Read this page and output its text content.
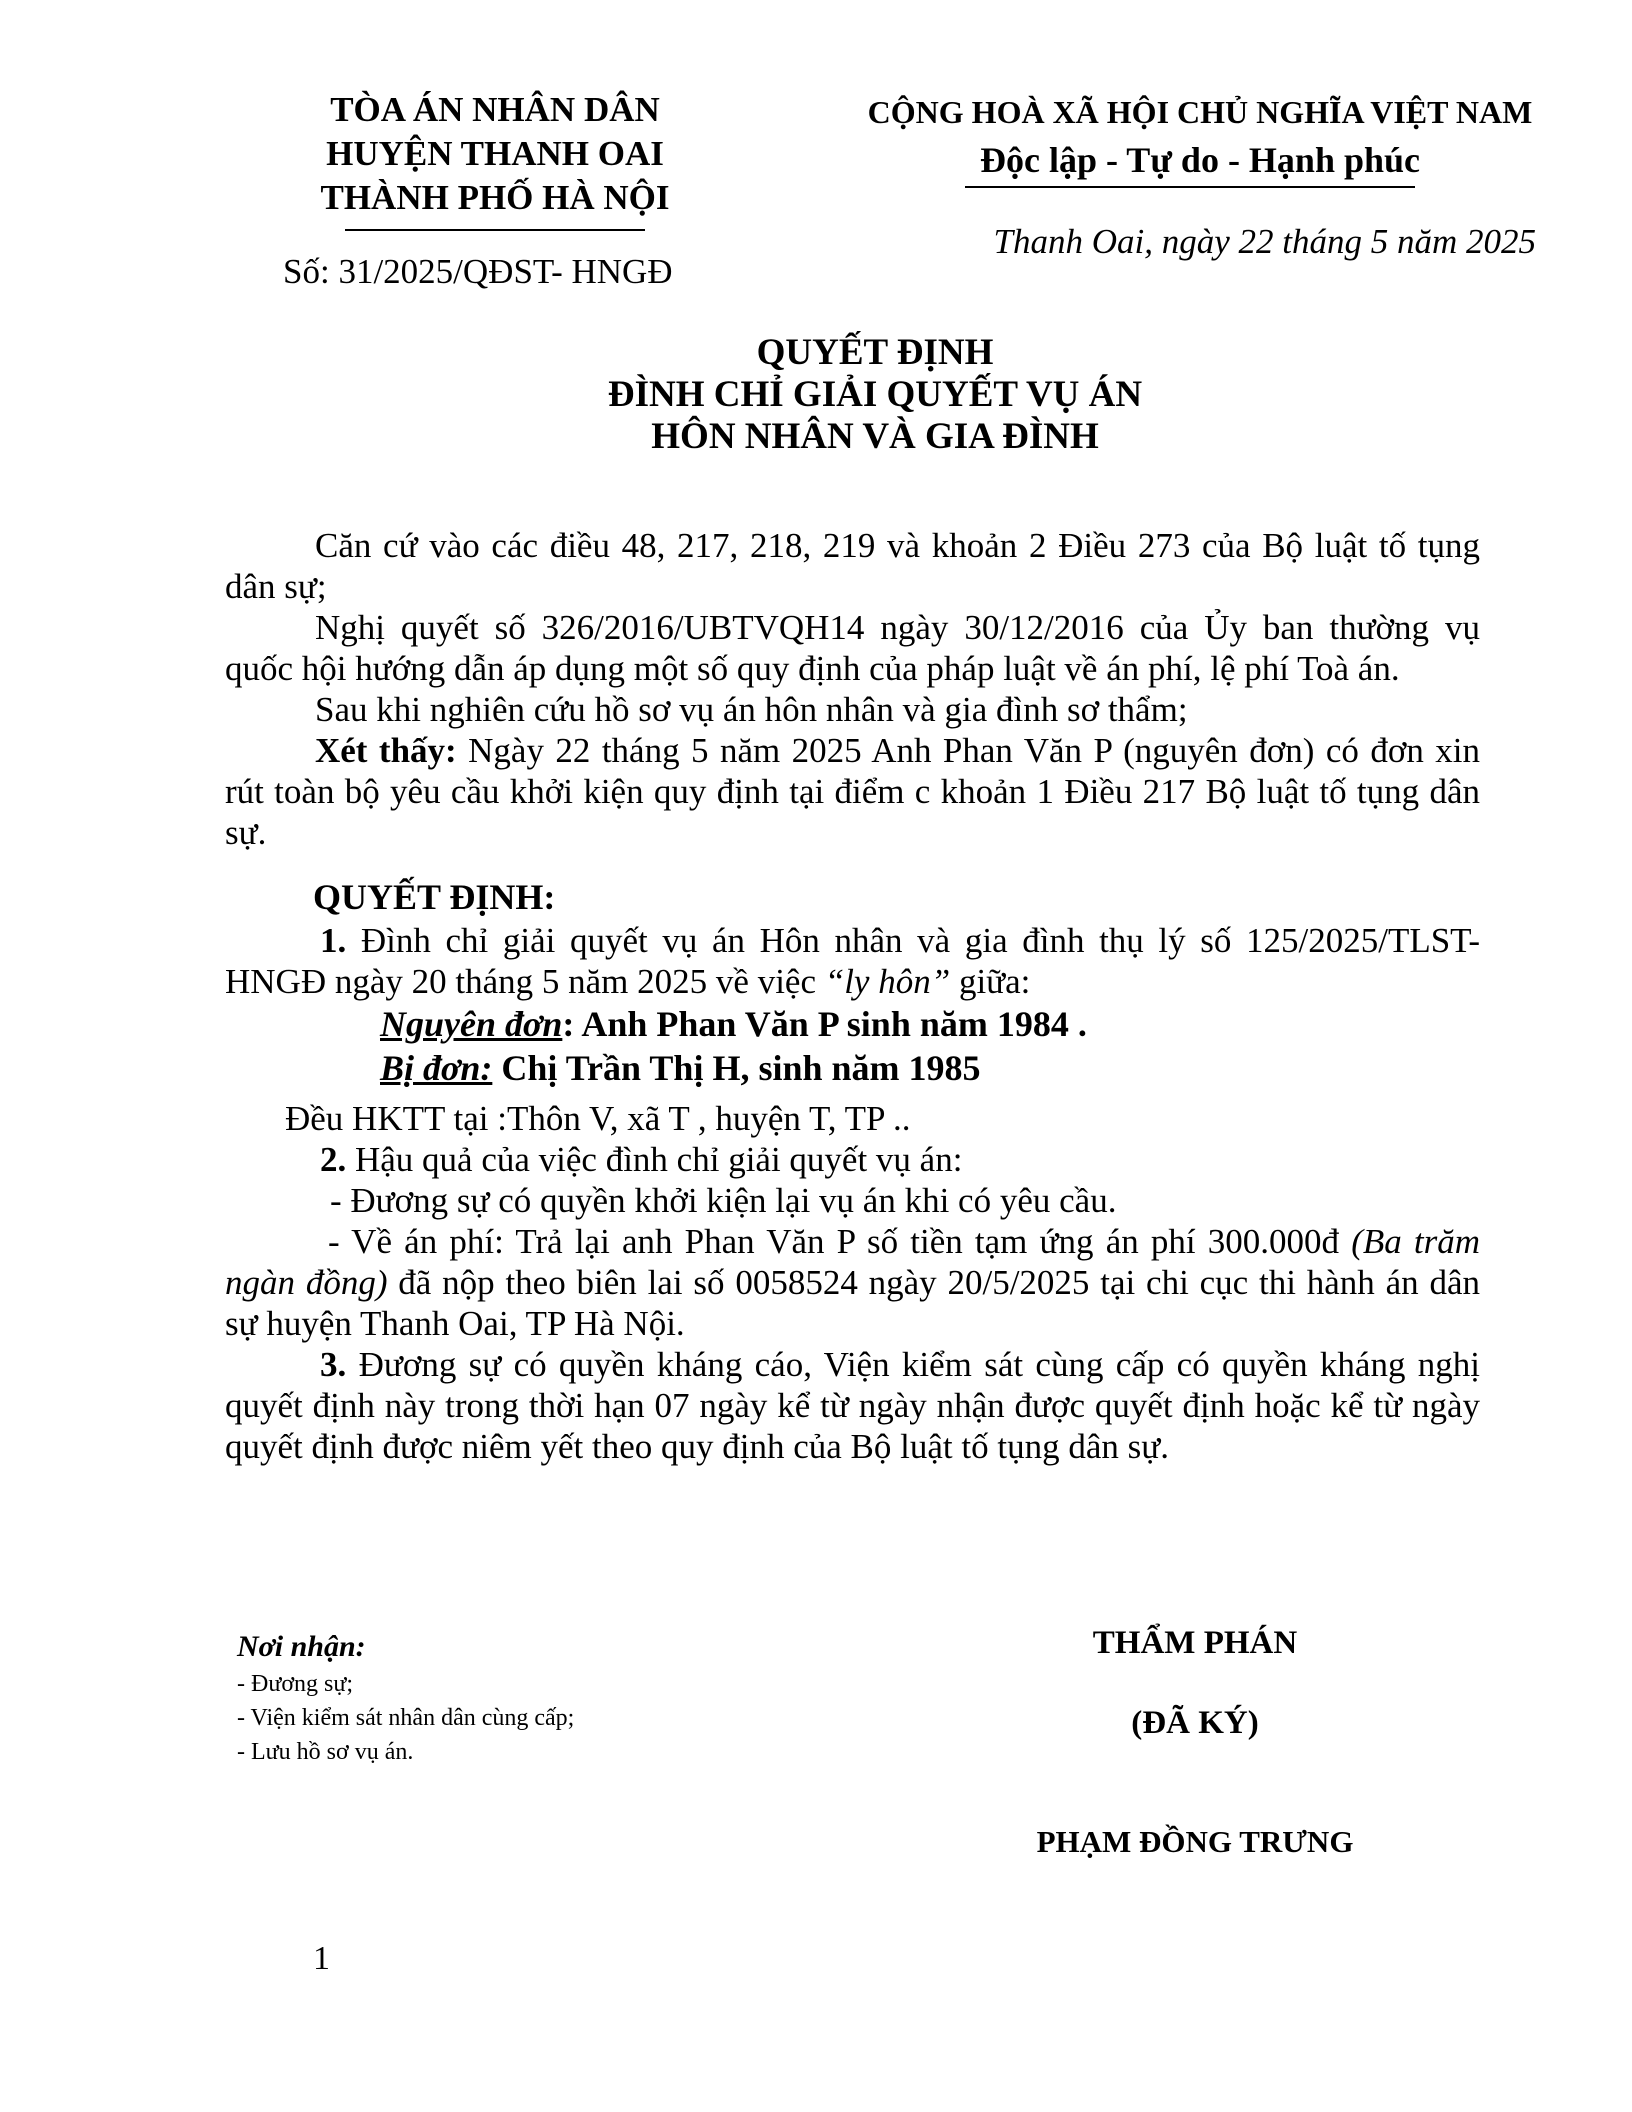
TÒA ÁN NHÂN DÂN
HUYỆN THANH OAI
THÀNH PHỐ HÀ NỘI
Số: 31/2025/QĐST- HNGĐ
CỘNG HOÀ XÃ HỘI CHỦ NGHĨA VIỆT NAM
Độc lập - Tự do - Hạnh phúc
Thanh Oai, ngày 22 tháng 5 năm 2025
QUYẾT ĐỊNH
ĐÌNH CHỈ GIẢI QUYẾT VỤ ÁN
HÔN NHÂN VÀ GIA ĐÌNH

Căn cứ vào các điều 48, 217, 218, 219 và khoản 2 Điều 273 của Bộ luật tố tụng dân sự;

Nghị quyết số 326/2016/UBTVQH14 ngày 30/12/2016 của Ủy ban thường vụ quốc hội hướng dẫn áp dụng một số quy định của pháp luật về án phí, lệ phí Toà án.

Sau khi nghiên cứu hồ sơ vụ án hôn nhân và gia đình sơ thẩm;

Xét thấy: Ngày 22 tháng 5 năm 2025 Anh Phan Văn P (nguyên đơn) có đơn xin rút toàn bộ yêu cầu khởi kiện quy định tại điểm c khoản 1 Điều 217 Bộ luật tố tụng dân sự.

QUYẾT ĐỊNH:

1. Đình chỉ giải quyết vụ án Hôn nhân và gia đình thụ lý số 125/2025/TLST-HNGĐ ngày 20 tháng 5 năm 2025 về việc “ly hôn” giữa:

Nguyên đơn: Anh Phan Văn P sinh năm 1984 .
Bị đơn: Chị Trần Thị H, sinh năm 1985
Đều HKTT tại :Thôn V, xã T , huyện T, TP ..

2. Hậu quả của việc đình chỉ giải quyết vụ án:

- Đương sự có quyền khởi kiện lại vụ án khi có yêu cầu.

- Về án phí: Trả lại anh Phan Văn P số tiền tạm ứng án phí 300.000đ (Ba trăm ngàn đồng) đã nộp theo biên lai số 0058524 ngày 20/5/2025 tại chi cục thi hành án dân sự huyện Thanh Oai, TP Hà Nội.

3. Đương sự có quyền kháng cáo, Viện kiểm sát cùng cấp có quyền kháng nghị quyết định này trong thời hạn 07 ngày kể từ ngày nhận được quyết định hoặc kể từ ngày quyết định được niêm yết theo quy định của Bộ luật tố tụng dân sự.

Nơi nhận:
- Đương sự;
- Viện kiểm sát nhân dân cùng cấp;
- Lưu hồ sơ vụ án.
THẨM PHÁN
(ĐÃ KÝ)
PHẠM ĐỒNG TRƯNG
1
